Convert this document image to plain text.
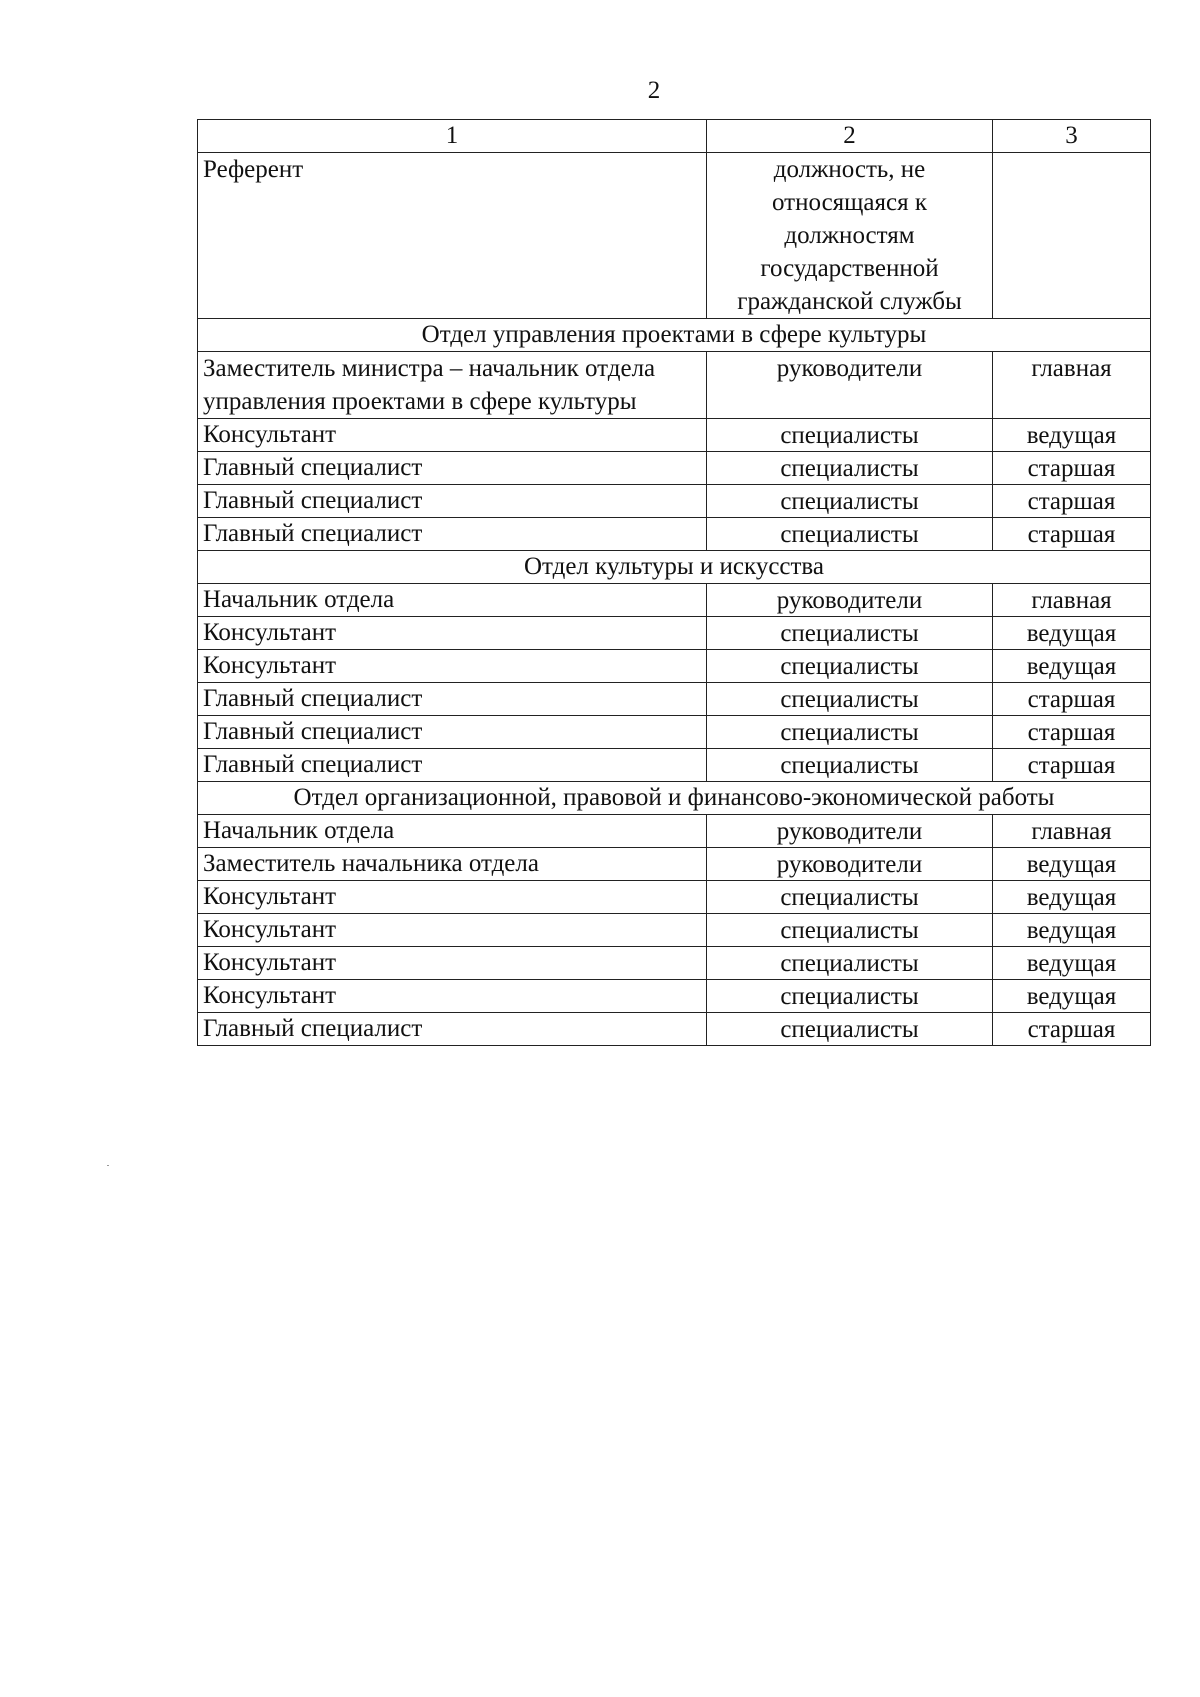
2
1	2	3
Референт	должность, не относящаяся к должностям государственной гражданской службы	
Отдел управления проектами в сфере культуры		
Заместитель министра – начальник отдела управления проектами в сфере культуры	руководители	главная
Консультант	специалисты	ведущая
Главный специалист	специалисты	старшая
Главный специалист	специалисты	старшая
Главный специалист	специалисты	старшая
Отдел культуры и искусства		
Начальник отдела	руководители	главная
Консультант	специалисты	ведущая
Консультант	специалисты	ведущая
Главный специалист	специалисты	старшая
Главный специалист	специалисты	старшая
Главный специалист	специалисты	старшая
Отдел организационной, правовой и финансово-экономической работы		
Начальник отдела	руководители	главная
Заместитель начальника отдела	руководители	ведущая
Консультант	специалисты	ведущая
Консультант	специалисты	ведущая
Консультант	специалисты	ведущая
Консультант	специалисты	ведущая
Главный специалист	специалисты	старшая
